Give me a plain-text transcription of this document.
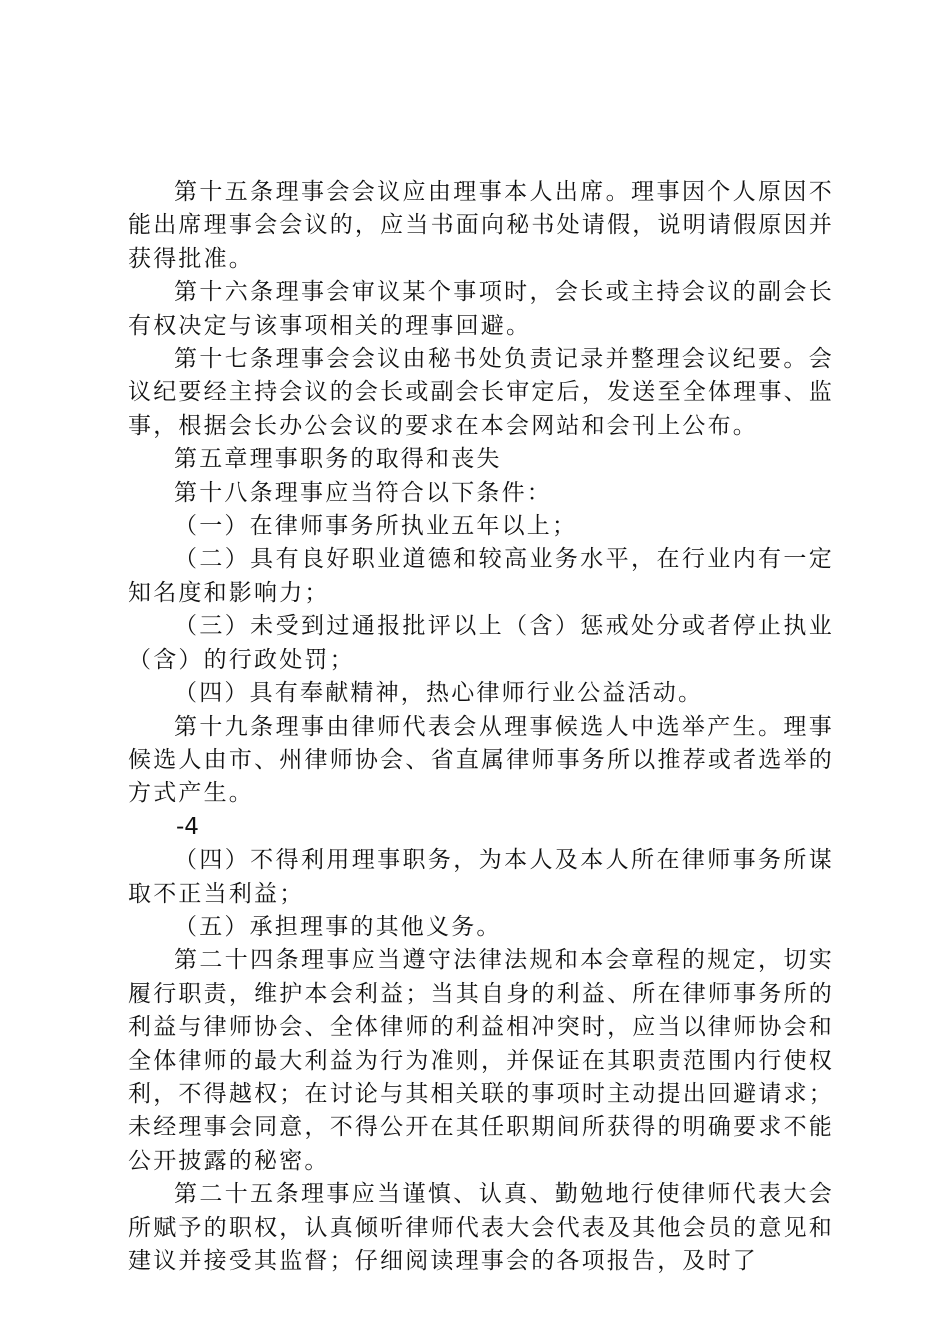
第十五条理事会会议应由理事本人出席。理事因个人原因不能出席理事会会议的，应当书面向秘书处请假，说明请假原因并获得批准。

第十六条理事会审议某个事项时，会长或主持会议的副会长有权决定与该事项相关的理事回避。

第十七条理事会会议由秘书处负责记录并整理会议纪要。会议纪要经主持会议的会长或副会长审定后，发送至全体理事、监事，根据会长办公会议的要求在本会网站和会刊上公布。

第五章理事职务的取得和丧失

第十八条理事应当符合以下条件：

（一）在律师事务所执业五年以上；

（二）具有良好职业道德和较高业务水平，在行业内有一定知名度和影响力；

（三）未受到过通报批评以上（含）惩戒处分或者停止执业（含）的行政处罚；

（四）具有奉献精神，热心律师行业公益活动。

第十九条理事由律师代表会从理事候选人中选举产生。理事候选人由市、州律师协会、省直属律师事务所以推荐或者选举的方式产生。

-4

（四）不得利用理事职务，为本人及本人所在律师事务所谋取不正当利益；

（五）承担理事的其他义务。

第二十四条理事应当遵守法律法规和本会章程的规定，切实履行职责，维护本会利益；当其自身的利益、所在律师事务所的利益与律师协会、全体律师的利益相冲突时，应当以律师协会和全体律师的最大利益为行为准则，并保证在其职责范围内行使权利，不得越权；在讨论与其相关联的事项时主动提出回避请求；未经理事会同意，不得公开在其任职期间所获得的明确要求不能公开披露的秘密。

第二十五条理事应当谨慎、认真、勤勉地行使律师代表大会所赋予的职权，认真倾听律师代表大会代表及其他会员的意见和建议并接受其监督；仔细阅读理事会的各项报告，及时了
